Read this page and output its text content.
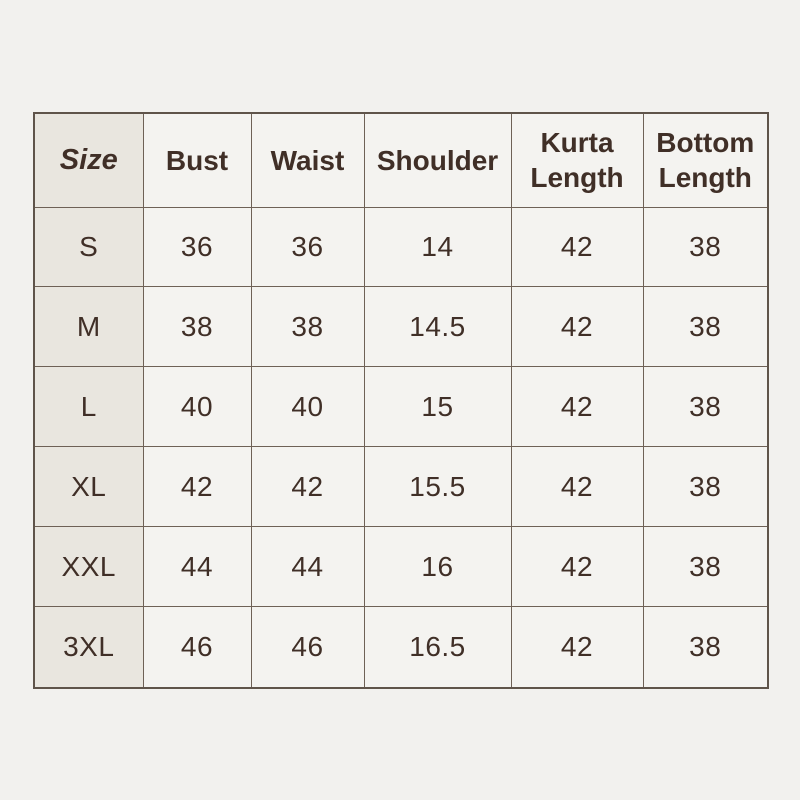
Size	Bust	Waist	Shoulder	Kurta Length	Bottom Length
S	36	36	14	42	38
M	38	38	14.5	42	38
L	40	40	15	42	38
XL	42	42	15.5	42	38
XXL	44	44	16	42	38
3XL	46	46	16.5	42	38
